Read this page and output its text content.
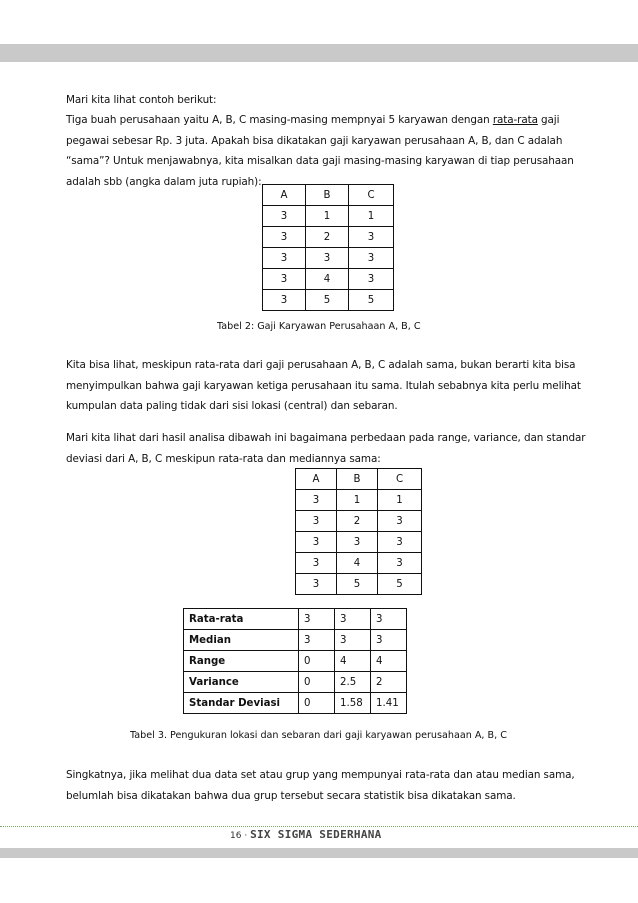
Mari kita lihat contoh berikut:

Tiga buah perusahaan yaitu A, B, C masing-masing mempnyai 5 karyawan dengan rata-rata gaji pegawai sebesar Rp. 3 juta. Apakah bisa dikatakan gaji karyawan perusahaan A, B, dan C adalah “sama”? Untuk menjawabnya, kita misalkan data gaji masing-masing karyawan di tiap perusahaan adalah sbb (angka dalam juta rupiah):

A	B	C
3	1	1
3	2	3
3	3	3
3	4	3
3	5	5

Tabel 2: Gaji Karyawan Perusahaan A, B, C

Kita bisa lihat, meskipun rata-rata dari gaji perusahaan A, B, C adalah sama, bukan berarti kita bisa menyimpulkan bahwa gaji karyawan ketiga perusahaan itu sama. Itulah sebabnya kita perlu melihat kumpulan data paling tidak dari sisi lokasi (central) dan sebaran.

Mari kita lihat dari hasil analisa dibawah ini bagaimana perbedaan pada range, variance, dan standar deviasi dari A, B, C meskipun rata-rata dan mediannya sama:

A	B	C
3	1	1
3	2	3
3	3	3
3	4	3
3	5	5
Rata-rata	3	3	3
Median	3	3	3
Range	0	4	4
Variance	0	2.5	2
Standar Deviasi	0	1.58	1.41

Tabel 3. Pengukuran lokasi dan sebaran dari gaji karyawan perusahaan A, B, C

Singkatnya, jika melihat dua data set atau grup yang mempunyai rata-rata dan atau median sama, belumlah bisa dikatakan bahwa dua grup tersebut secara statistik bisa dikatakan sama.

16 · SIX SIGMA SEDERHANA
